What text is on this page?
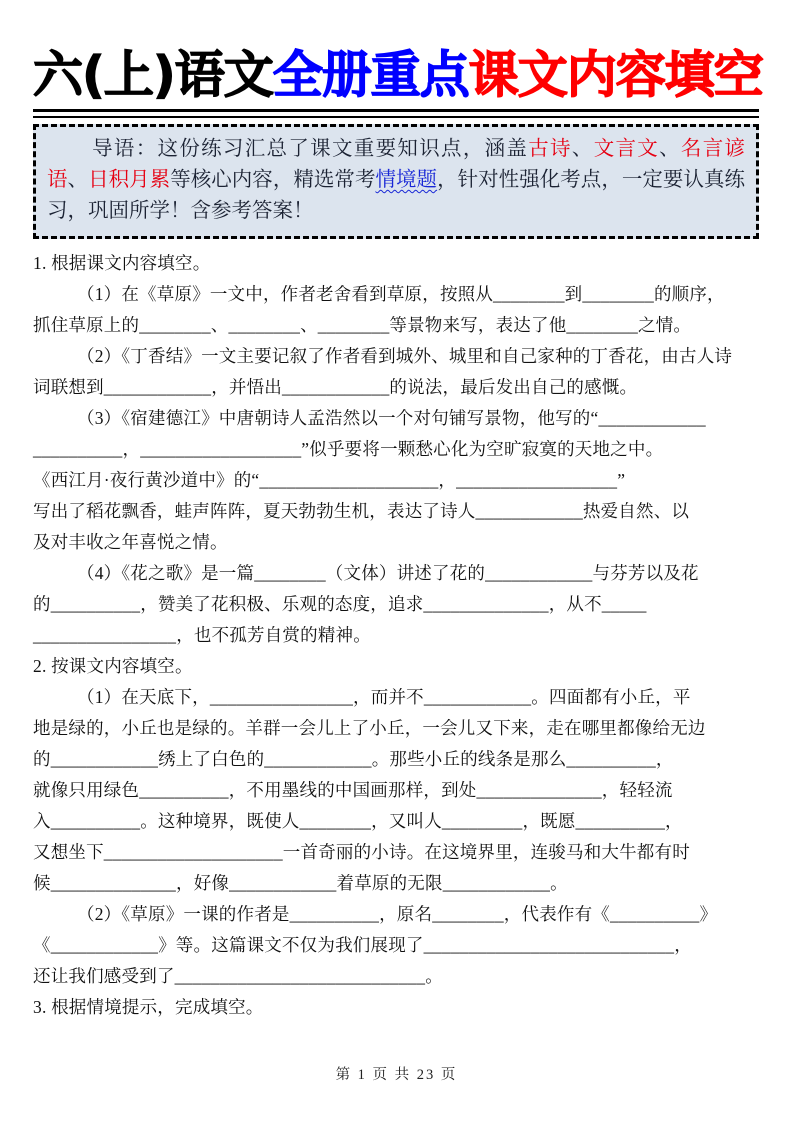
六(上)语文全册重点课文内容填空
导语：这份练习汇总了课文重要知识点，涵盖古诗、文言文、名言谚语、日积月累等核心内容，精选常考情境题，针对性强化考点，一定要认真练习，巩固所学！含参考答案！
1. 根据课文内容填空。
（1）在《草原》一文中，作者老舍看到草原，按照从________到________的顺序，
抓住草原上的________、________、________等景物来写，表达了他________之情。
（2）《丁香结》一文主要记叙了作者看到城外、城里和自己家种的丁香花，由古人诗
词联想到____________，并悟出____________的说法，最后发出自己的感慨。
（3）《宿建德江》中唐朝诗人孟浩然以一个对句铺写景物，他写的“____________
__________，__________________”似乎要将一颗愁心化为空旷寂寞的天地之中。
《西江月·夜行黄沙道中》的“____________________，__________________”
写出了稻花飘香，蛙声阵阵，夏天勃勃生机，表达了诗人____________热爱自然、以
及对丰收之年喜悦之情。
（4）《花之歌》是一篇________（文体）讲述了花的____________与芬芳以及花
的__________，赞美了花积极、乐观的态度，追求______________，从不_____
________________，也不孤芳自赏的精神。
2. 按课文内容填空。
（1）在天底下，________________，而并不____________。四面都有小丘，平
地是绿的，小丘也是绿的。羊群一会儿上了小丘，一会儿又下来，走在哪里都像给无边
的____________绣上了白色的____________。那些小丘的线条是那么__________，
就像只用绿色__________，不用墨线的中国画那样，到处______________，轻轻流
入__________。这种境界，既使人________，又叫人_________，既愿__________，
又想坐下____________________一首奇丽的小诗。在这境界里，连骏马和大牛都有时
候______________，好像____________着草原的无限____________。
（2）《草原》一课的作者是__________，原名________，代表作有《__________》
《____________》等。这篇课文不仅为我们展现了____________________________，
还让我们感受到了____________________________。
3. 根据情境提示，完成填空。
第 1 页 共 23 页
